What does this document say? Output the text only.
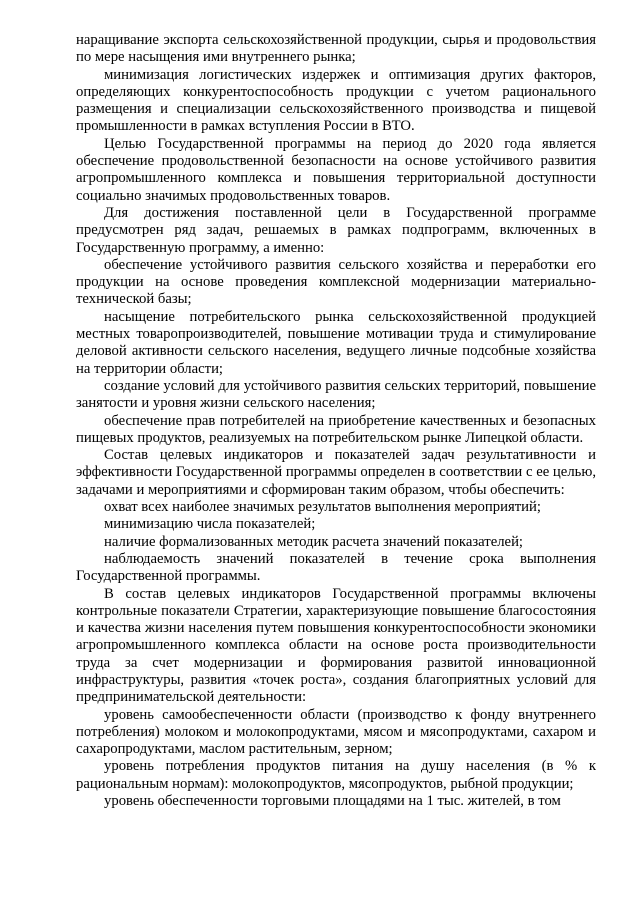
наращивание экспорта сельскохозяйственной продукции, сырья и продовольствия по мере насыщения ими внутреннего рынка;

минимизация логистических издержек и оптимизация других факторов, определяющих конкурентоспособность продукции с учетом рационального размещения и специализации сельскохозяйственного производства и пищевой промышленности в рамках вступления России в ВТО.

Целью Государственной программы на период до 2020 года является обеспечение продовольственной безопасности на основе устойчивого развития агропромышленного комплекса и повышения территориальной доступности социально значимых продовольственных товаров.

Для достижения поставленной цели в Государственной программе предусмотрен ряд задач, решаемых в рамках подпрограмм, включенных в Государственную программу, а именно:

обеспечение устойчивого развития сельского хозяйства и переработки его продукции на основе проведения комплексной модернизации материально-технической базы;

насыщение потребительского рынка сельскохозяйственной продукцией местных товаропроизводителей, повышение мотивации труда и стимулирование деловой активности сельского населения, ведущего личные подсобные хозяйства на территории области;

создание условий для устойчивого развития сельских территорий, повышение занятости и уровня жизни сельского населения;

обеспечение прав потребителей на приобретение качественных и безопасных пищевых продуктов, реализуемых на потребительском рынке Липецкой области.

Состав целевых индикаторов и показателей задач результативности и эффективности Государственной программы определен в соответствии с ее целью, задачами и мероприятиями и сформирован таким образом, чтобы обеспечить:

охват всех наиболее значимых результатов выполнения мероприятий;

минимизацию числа показателей;

наличие формализованных методик расчета значений показателей;

наблюдаемость значений показателей в течение срока выполнения Государственной программы.

В состав целевых индикаторов Государственной программы включены контрольные показатели Стратегии, характеризующие повышение благосостояния и качества жизни населения путем повышения конкурентоспособности экономики агропромышленного комплекса области на основе роста производительности труда за счет модернизации и формирования развитой инновационной инфраструктуры, развития «точек роста», создания благоприятных условий для предпринимательской деятельности:

уровень самообеспеченности области (производство к фонду внутреннего потребления) молоком и молокопродуктами, мясом и мясопродуктами, сахаром и сахаропродуктами, маслом растительным, зерном;

уровень потребления продуктов питания на душу населения (в % к рациональным нормам): молокопродуктов, мясопродуктов, рыбной продукции;

уровень обеспеченности торговыми площадями на 1 тыс. жителей, в том
